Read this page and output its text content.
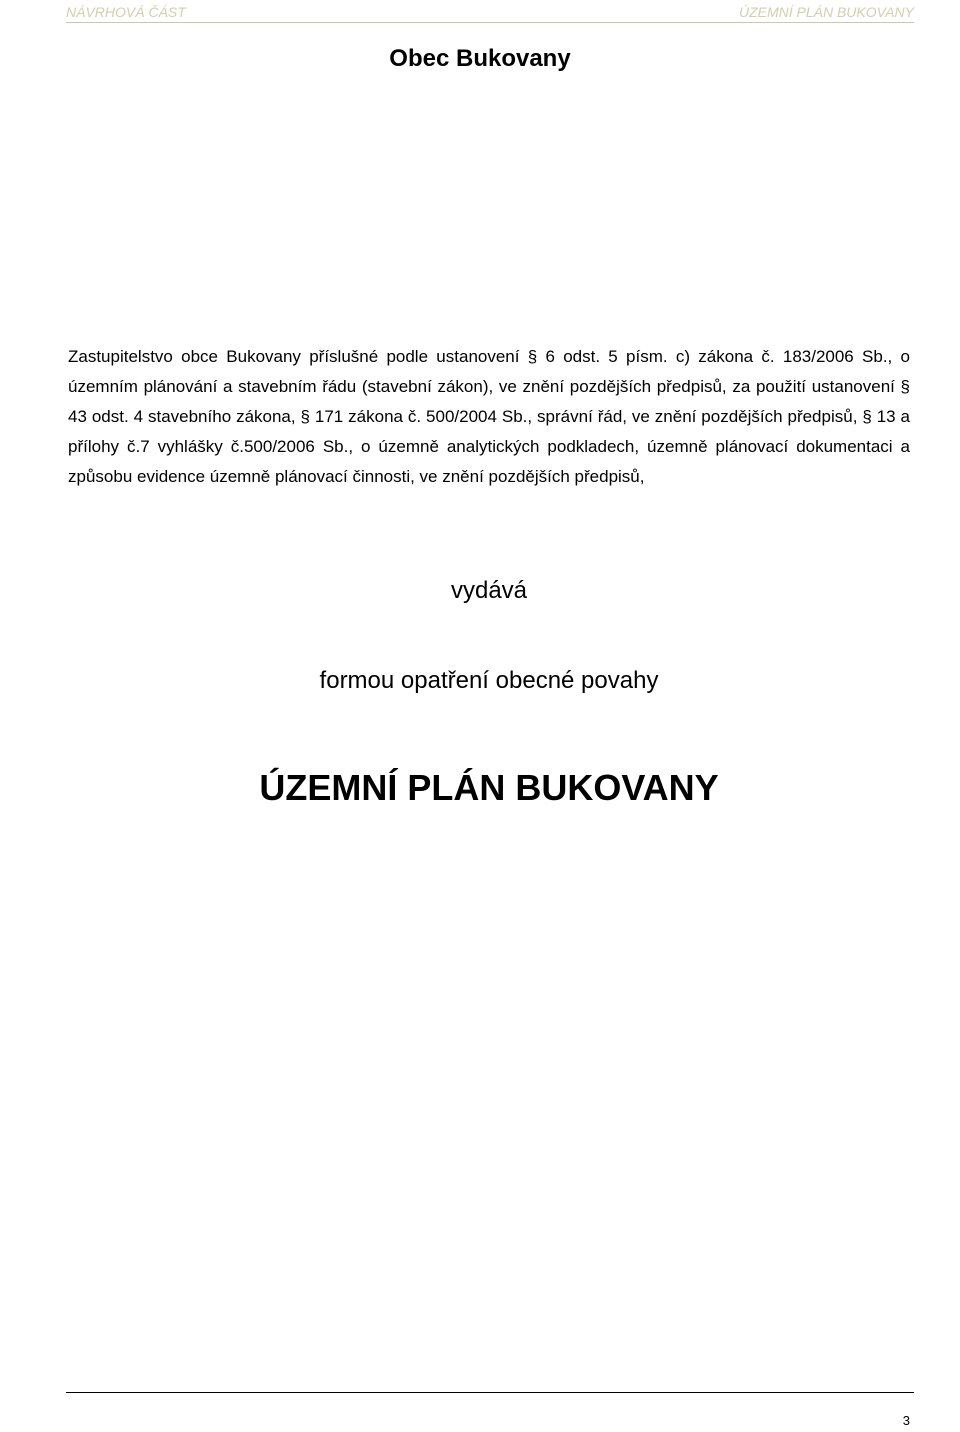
NÁVRHOVÁ ČÁST	ÚZEMNÍ PLÁN BUKOVANY
Obec Bukovany

Zastupitelstvo obce Bukovany příslušné podle ustanovení § 6 odst. 5 písm. c) zákona č. 183/2006 Sb., o územním plánování a stavebním řádu (stavební zákon), ve znění pozdějších předpisů, za použití ustanovení § 43 odst. 4 stavebního zákona, § 171 zákona č. 500/2004 Sb., správní řád, ve znění pozdějších předpisů, § 13 a přílohy č.7 vyhlášky č.500/2006 Sb., o územně analytických podkladech, územně plánovací dokumentaci a způsobu evidence územně plánovací činnosti, ve znění pozdějších předpisů,

vydává

formou opatření obecné povahy

ÚZEMNÍ PLÁN BUKOVANY
3
